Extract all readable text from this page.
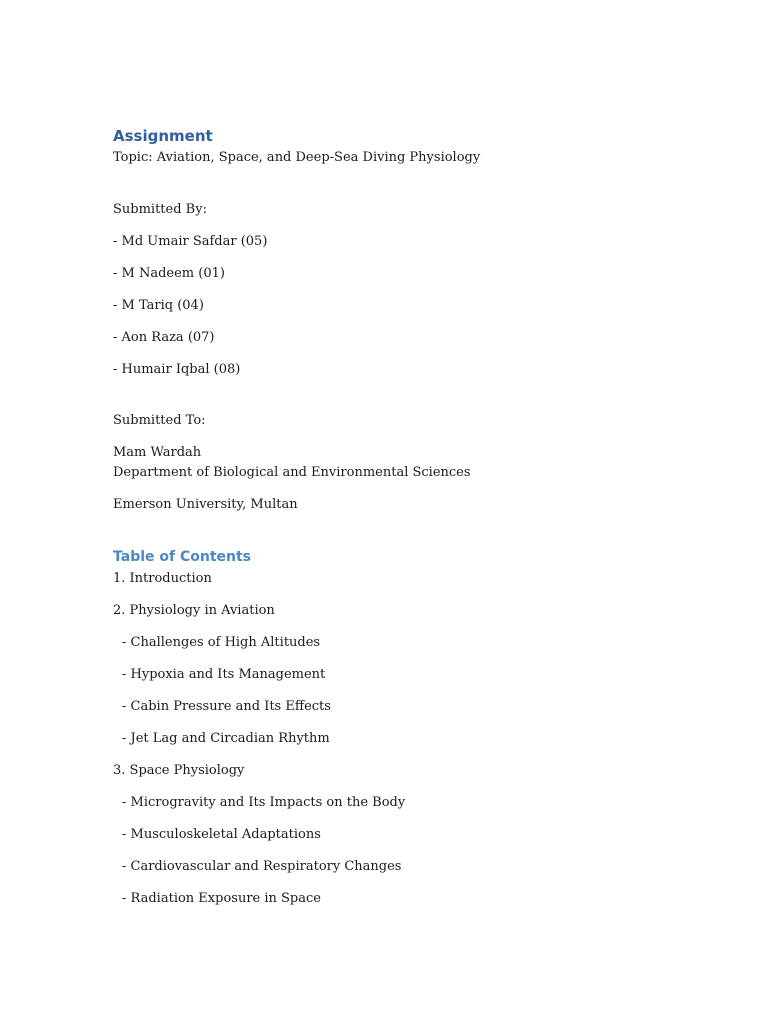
Assignment
Topic: Aviation, Space, and Deep-Sea Diving Physiology
Submitted By:
- Md Umair Safdar (05)
- M Nadeem (01)
- M Tariq (04)
- Aon Raza (07)
- Humair Iqbal (08)
Submitted To:
Mam Wardah
Department of Biological and Environmental Sciences
Emerson University, Multan
Table of Contents
1. Introduction
2. Physiology in Aviation
- Challenges of High Altitudes
- Hypoxia and Its Management
- Cabin Pressure and Its Effects
- Jet Lag and Circadian Rhythm
3. Space Physiology
- Microgravity and Its Impacts on the Body
- Musculoskeletal Adaptations
- Cardiovascular and Respiratory Changes
- Radiation Exposure in Space
